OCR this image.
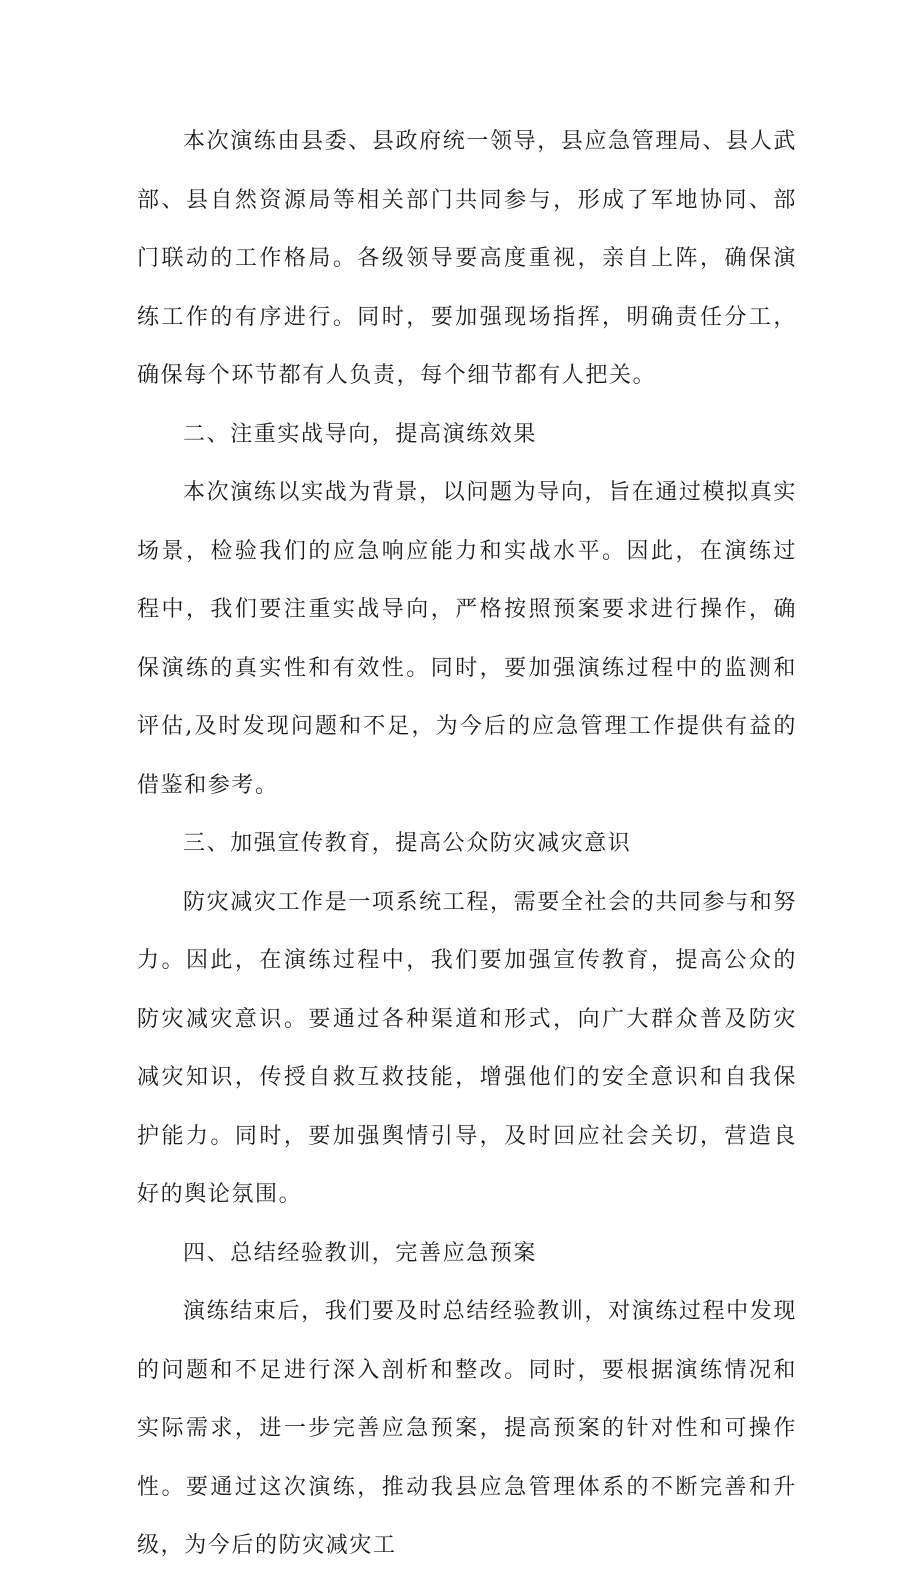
本次演练由县委、县政府统一领导，县应急管理局、县人武部、县自然资源局等相关部门共同参与，形成了军地协同、部门联动的工作格局。各级领导要高度重视，亲自上阵，确保演练工作的有序进行。同时，要加强现场指挥，明确责任分工，确保每个环节都有人负责，每个细节都有人把关。

二、注重实战导向，提高演练效果

本次演练以实战为背景，以问题为导向，旨在通过模拟真实场景，检验我们的应急响应能力和实战水平。因此，在演练过程中，我们要注重实战导向，严格按照预案要求进行操作，确保演练的真实性和有效性。同时，要加强演练过程中的监测和评估,及时发现问题和不足，为今后的应急管理工作提供有益的借鉴和参考。

三、加强宣传教育，提高公众防灾减灾意识

防灾减灾工作是一项系统工程，需要全社会的共同参与和努力。因此，在演练过程中，我们要加强宣传教育，提高公众的防灾减灾意识。要通过各种渠道和形式，向广大群众普及防灾减灾知识，传授自救互救技能，增强他们的安全意识和自我保护能力。同时，要加强舆情引导，及时回应社会关切，营造良好的舆论氛围。

四、总结经验教训，完善应急预案

演练结束后，我们要及时总结经验教训，对演练过程中发现的问题和不足进行深入剖析和整改。同时，要根据演练情况和实际需求，进一步完善应急预案，提高预案的针对性和可操作性。要通过这次演练，推动我县应急管理体系的不断完善和升级，为今后的防灾减灾工
